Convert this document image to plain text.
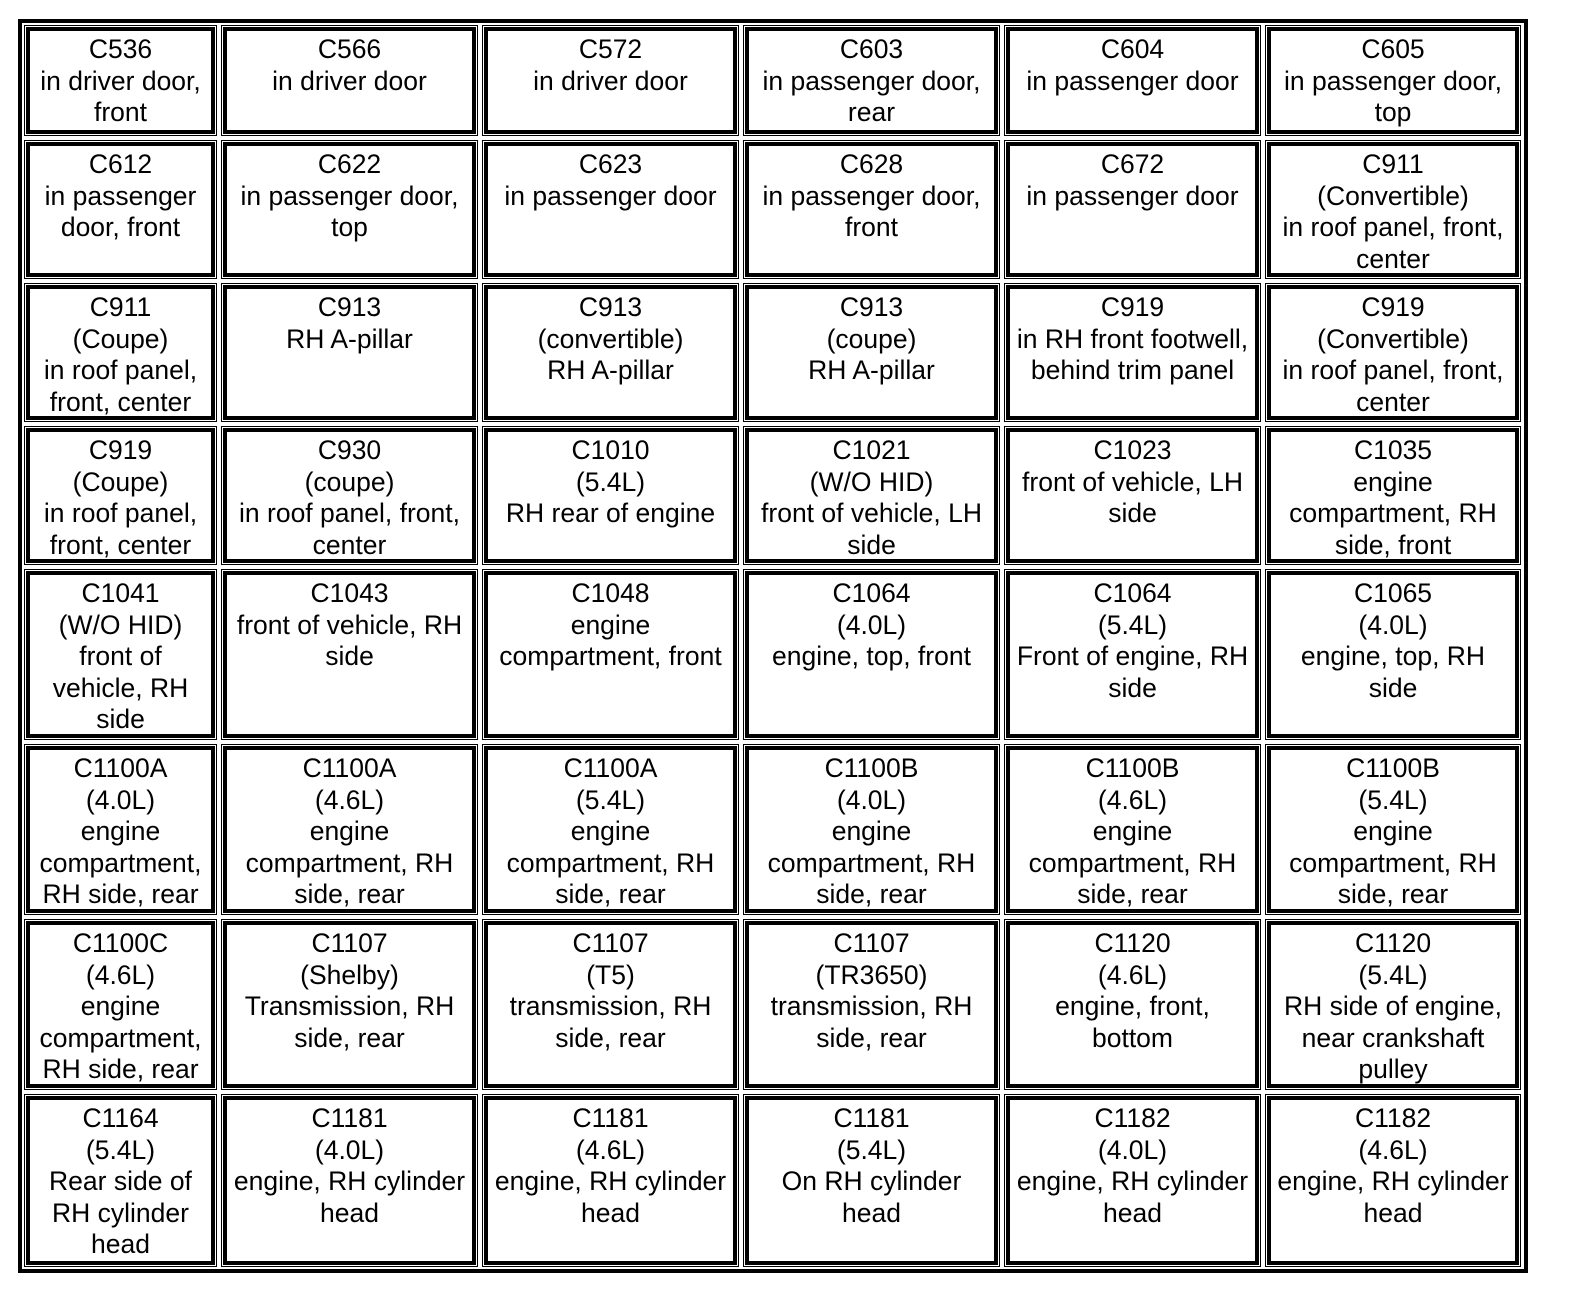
C536
in driver door,
front
C566
in driver door
C572
in driver door
C603
in passenger door,
rear
C604
in passenger door
C605
in passenger door,
top
C612
in passenger
door, front
C622
in passenger door,
top
C623
in passenger door
C628
in passenger door,
front
C672
in passenger door
C911
(Convertible)
in roof panel, front,
center
C911
(Coupe)
in roof panel,
front, center
C913
RH A-pillar
C913
(convertible)
RH A-pillar
C913
(coupe)
RH A-pillar
C919
in RH front footwell,
behind trim panel
C919
(Convertible)
in roof panel, front,
center
C919
(Coupe)
in roof panel,
front, center
C930
(coupe)
in roof panel, front,
center
C1010
(5.4L)
RH rear of engine
C1021
(W/O HID)
front of vehicle, LH
side
C1023
front of vehicle, LH
side
C1035
engine
compartment, RH
side, front
C1041
(W/O HID)
front of
vehicle, RH
side
C1043
front of vehicle, RH
side
C1048
engine
compartment, front
C1064
(4.0L)
engine, top, front
C1064
(5.4L)
Front of engine, RH
side
C1065
(4.0L)
engine, top, RH
side
C1100A
(4.0L)
engine
compartment,
RH side, rear
C1100A
(4.6L)
engine
compartment, RH
side, rear
C1100A
(5.4L)
engine
compartment, RH
side, rear
C1100B
(4.0L)
engine
compartment, RH
side, rear
C1100B
(4.6L)
engine
compartment, RH
side, rear
C1100B
(5.4L)
engine
compartment, RH
side, rear
C1100C
(4.6L)
engine
compartment,
RH side, rear
C1107
(Shelby)
Transmission, RH
side, rear
C1107
(T5)
transmission, RH
side, rear
C1107
(TR3650)
transmission, RH
side, rear
C1120
(4.6L)
engine, front,
bottom
C1120
(5.4L)
RH side of engine,
near crankshaft
pulley
C1164
(5.4L)
Rear side of
RH cylinder
head
C1181
(4.0L)
engine, RH cylinder
head
C1181
(4.6L)
engine, RH cylinder
head
C1181
(5.4L)
On RH cylinder
head
C1182
(4.0L)
engine, RH cylinder
head
C1182
(4.6L)
engine, RH cylinder
head
